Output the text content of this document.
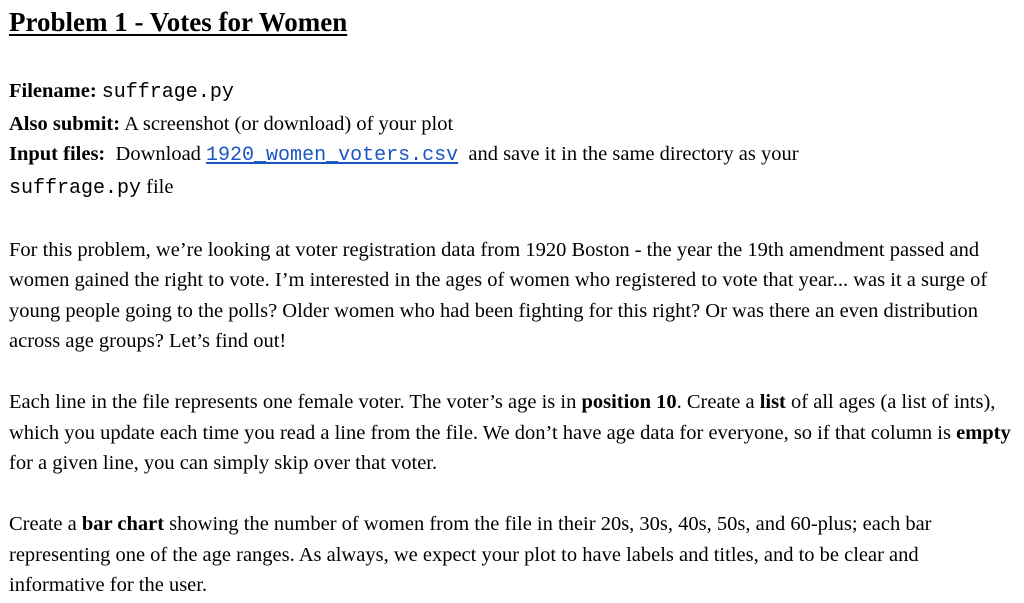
Problem 1 - Votes for Women

Filename: suffrage.py

Also submit: A screenshot (or download) of your plot

Input files: Download 1920_women_voters.csv and save it in the same directory as your
suffrage.py file

For this problem, we’re looking at voter registration data from 1920 Boston - the year the 19th amendment passed and women gained the right to vote. I’m interested in the ages of women who registered to vote that year... was it a surge of young people going to the polls? Older women who had been fighting for this right? Or was there an even distribution across age groups? Let’s find out!

Each line in the file represents one female voter. The voter’s age is in position 10. Create a list of all ages (a list of ints), which you update each time you read a line from the file. We don’t have age data for everyone, so if that column is empty for a given line, you can simply skip over that voter.

Create a bar chart showing the number of women from the file in their 20s, 30s, 40s, 50s, and 60-plus; each bar representing one of the age ranges. As always, we expect your plot to have labels and titles, and to be clear and informative for the user.
